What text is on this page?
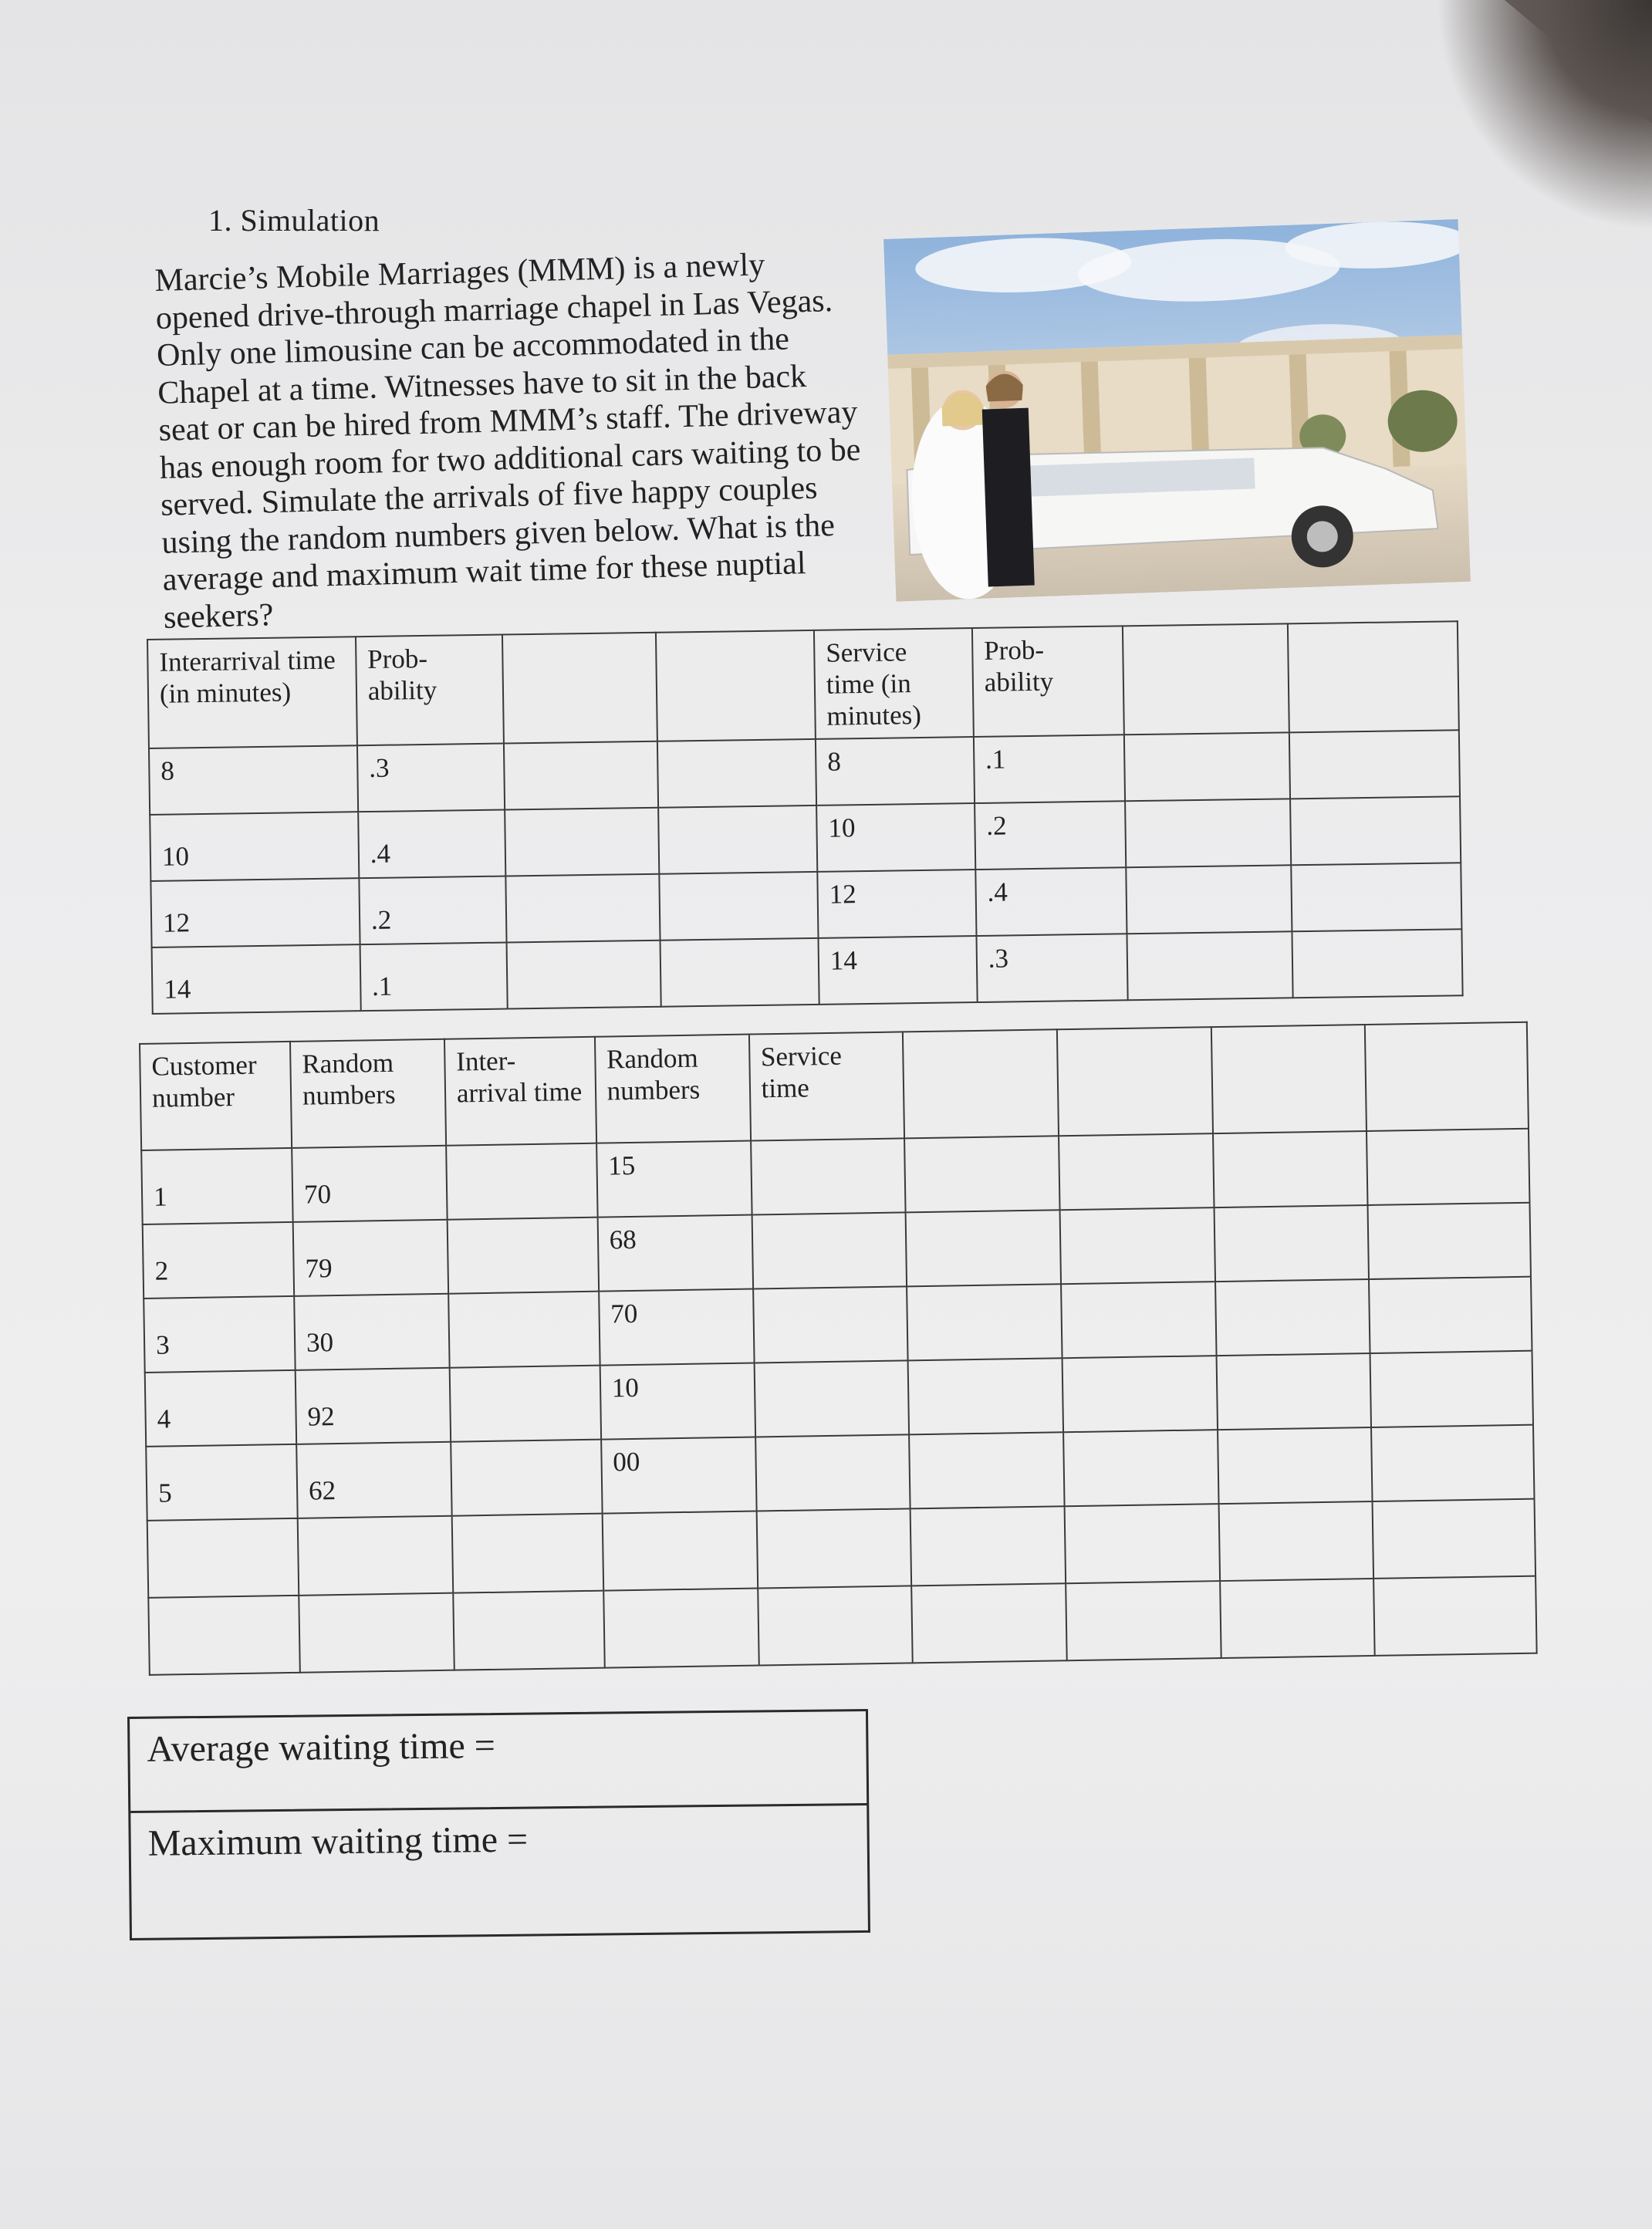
1. Simulation
Marcie’s Mobile Marriages (MMM) is a newly opened drive-through marriage chapel in Las Vegas. Only one limousine can be accommodated in the Chapel at a time. Witnesses have to sit in the back seat or can be hired from MMM’s staff. The driveway has enough room for two additional cars waiting to be served. Simulate the arrivals of five happy couples using the random numbers given below. What is the average and maximum wait time for these nuptial seekers?
Interarrival time (in minutes)	Prob- ability			Service time (in minutes)	Prob- ability		
8	.3			8	.1		
10	.4			10	.2		
12	.2			12	.4		
14	.1			14	.3		
Customer number	Random numbers	Inter- arrival time	Random numbers	Service time				
1	70		15					
2	79		68					
3	30		70					
4	92		10					
5	62		00					

Average waiting time =
Maximum waiting time =
